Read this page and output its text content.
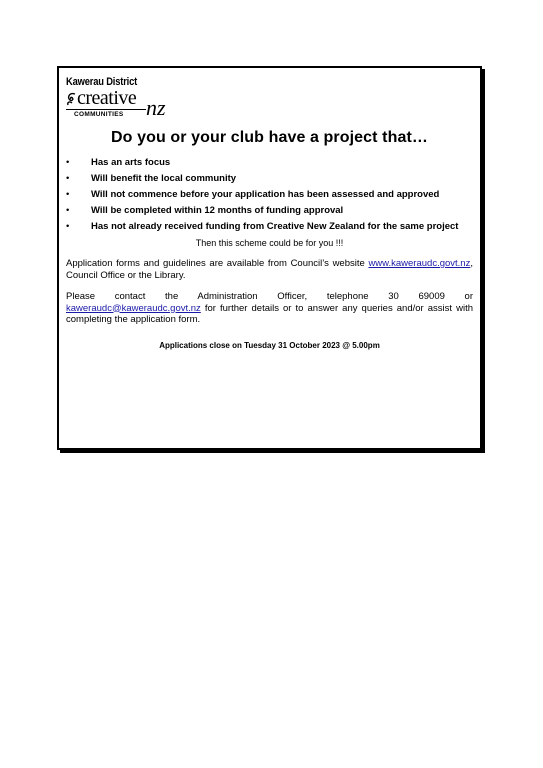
Kawerau District
creative
COMMUNITIES nz
Do you or your club have a project that…
• Has an arts focus
• Will benefit the local community
• Will not commence before your application has been assessed and approved
• Will be completed within 12 months of funding approval
• Has not already received funding from Creative New Zealand for the same project
Then this scheme could be for you !!!

Application forms and guidelines are available from Council’s website www.kaweraudc.govt.nz, Council Office or the Library.

Please contact the Administration Officer, telephone 30 69009 or kaweraudc@kaweraudc.govt.nz for further details or to answer any queries and/or assist with completing the application form.

Applications close on Tuesday 31 October 2023 @ 5.00pm
